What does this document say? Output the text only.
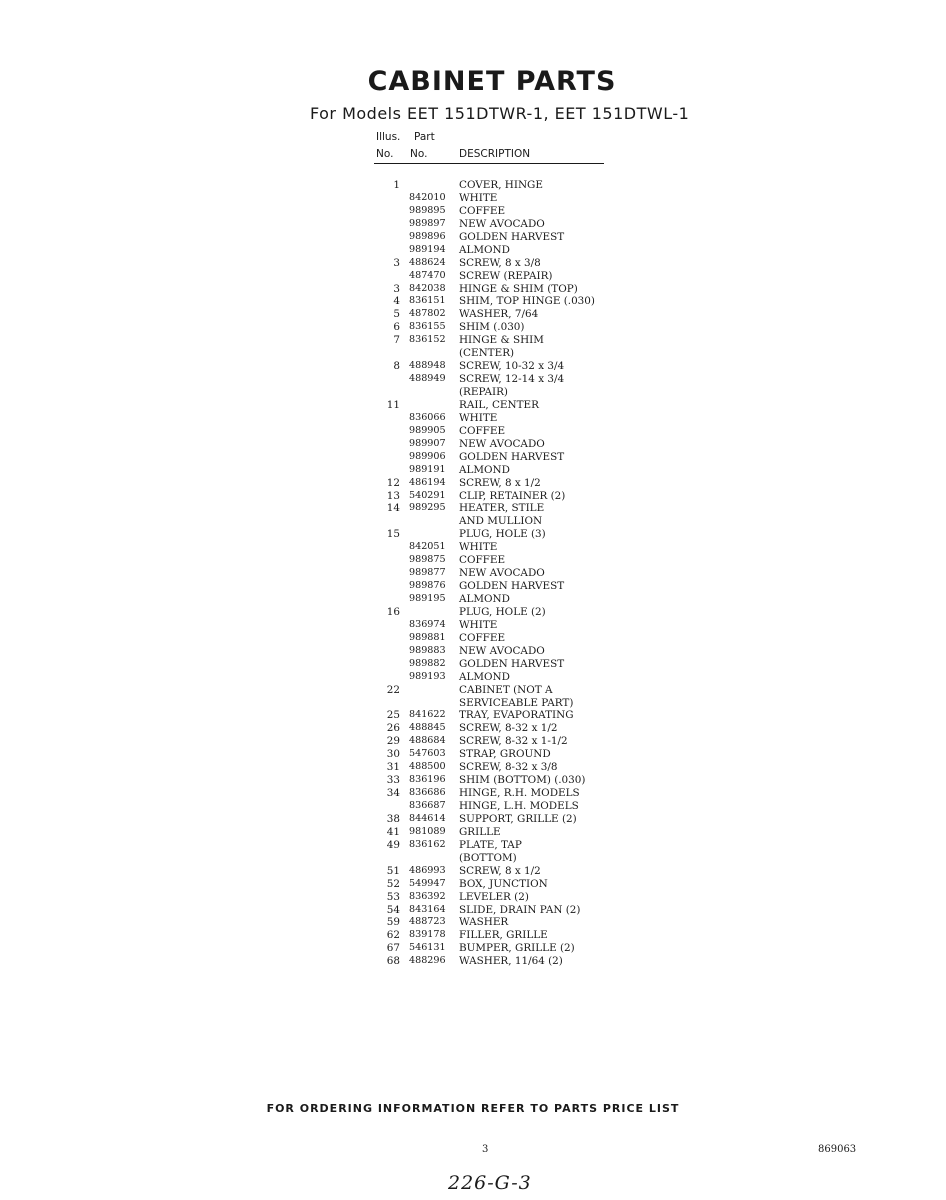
CABINET PARTS
For Models EET 151DTWR-1, EET 151DTWL-1
Illus. Part
No. No.	DESCRIPTION
1	COVER, HINGE
842010 WHITE
989895 COFFEE
989897 NEW AVOCADO
989896 GOLDEN HARVEST
989194 ALMOND
3 488624 SCREW, 8 x 3/8
487470 SCREW (REPAIR)
3 842038 HINGE & SHIM (TOP)
4 836151 SHIM, TOP HINGE (.030)
5 487802 WASHER, 7/64
6 836155 SHIM (.030)
7 836152 HINGE & SHIM
(CENTER)
8 488948 SCREW, 10-32 x 3/4
488949 SCREW, 12-14 x 3/4
(REPAIR)
11	RAIL, CENTER
836066 WHITE
989905 COFFEE
989907 NEW AVOCADO
989906 GOLDEN HARVEST
989191 ALMOND
12 486194 SCREW, 8 x 1/2
13 540291 CLIP, RETAINER (2)
14 989295 HEATER, STILE
AND MULLION
15	PLUG, HOLE (3)
842051 WHITE
989875 COFFEE
989877 NEW AVOCADO
989876 GOLDEN HARVEST
989195 ALMOND
16	PLUG, HOLE (2)
836974 WHITE
989881 COFFEE
989883 NEW AVOCADO
989882 GOLDEN HARVEST
989193 ALMOND
22	CABINET (NOT A
SERVICEABLE PART)
25 841622 TRAY, EVAPORATING
26 488845 SCREW, 8-32 x 1/2
29 488684 SCREW, 8-32 x 1-1/2
30 547603 STRAP, GROUND
31 488500 SCREW, 8-32 x 3/8
33 836196 SHIM (BOTTOM) (.030)
34 836686 HINGE, R.H. MODELS
836687 HINGE, L.H. MODELS
38 844614 SUPPORT, GRILLE (2)
41 981089 GRILLE
49 836162 PLATE, TAP
(BOTTOM)
51 486993 SCREW, 8 x 1/2
52 549947 BOX, JUNCTION
53 836392 LEVELER (2)
54 843164 SLIDE, DRAIN PAN (2)
59 488723 WASHER
62 839178 FILLER, GRILLE
67 546131 BUMPER, GRILLE (2)
68 488296 WASHER, 11/64 (2)
FOR ORDERING INFORMATION REFER TO PARTS PRICE LIST
3	869063
226-G-3
